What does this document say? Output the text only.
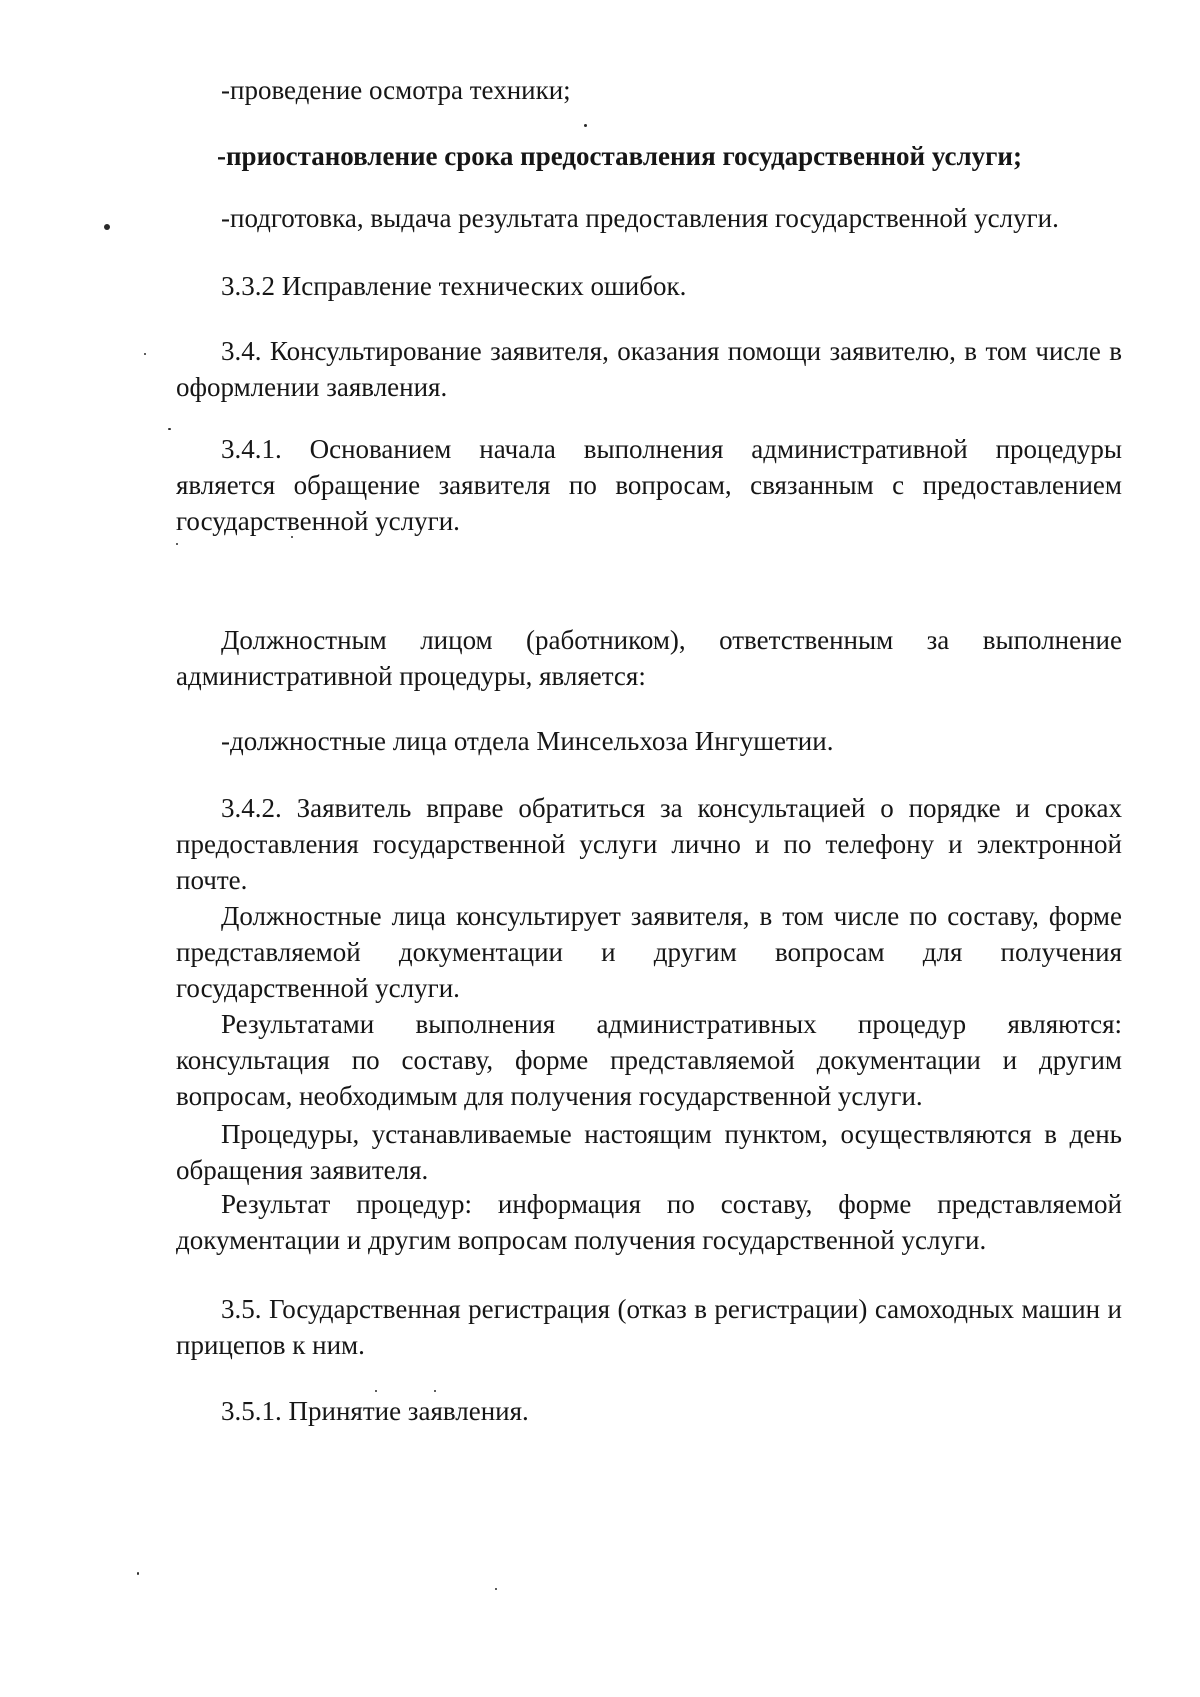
-проведение осмотра техники;

-приостановление срока предоставления государственной услуги;

-подготовка, выдача результата предоставления государственной услуги.

3.3.2 Исправление технических ошибок.

3.4. Консультирование заявителя, оказания помощи заявителю, в том числе в оформлении заявления.

3.4.1. Основанием начала выполнения административной процедуры является обращение заявителя по вопросам, связанным с предоставлением государственной услуги.

Должностным лицом (работником), ответственным за выполнение административной процедуры, является:

-должностные лица отдела Минсельхоза Ингушетии.

3.4.2. Заявитель вправе обратиться за консультацией о порядке и сроках предоставления государственной услуги лично и по телефону и электронной почте.

Должностные лица консультирует заявителя, в том числе по составу, форме представляемой документации и другим вопросам для получения государственной услуги.

Результатами выполнения административных процедур являются: консультация по составу, форме представляемой документации и другим вопросам, необходимым для получения государственной услуги.

Процедуры, устанавливаемые настоящим пунктом, осуществляются в день обращения заявителя.

Результат процедур: информация по составу, форме представляемой документации и другим вопросам получения государственной услуги.

3.5. Государственная регистрация (отказ в регистрации) самоходных машин и прицепов к ним.

3.5.1. Принятие заявления.
